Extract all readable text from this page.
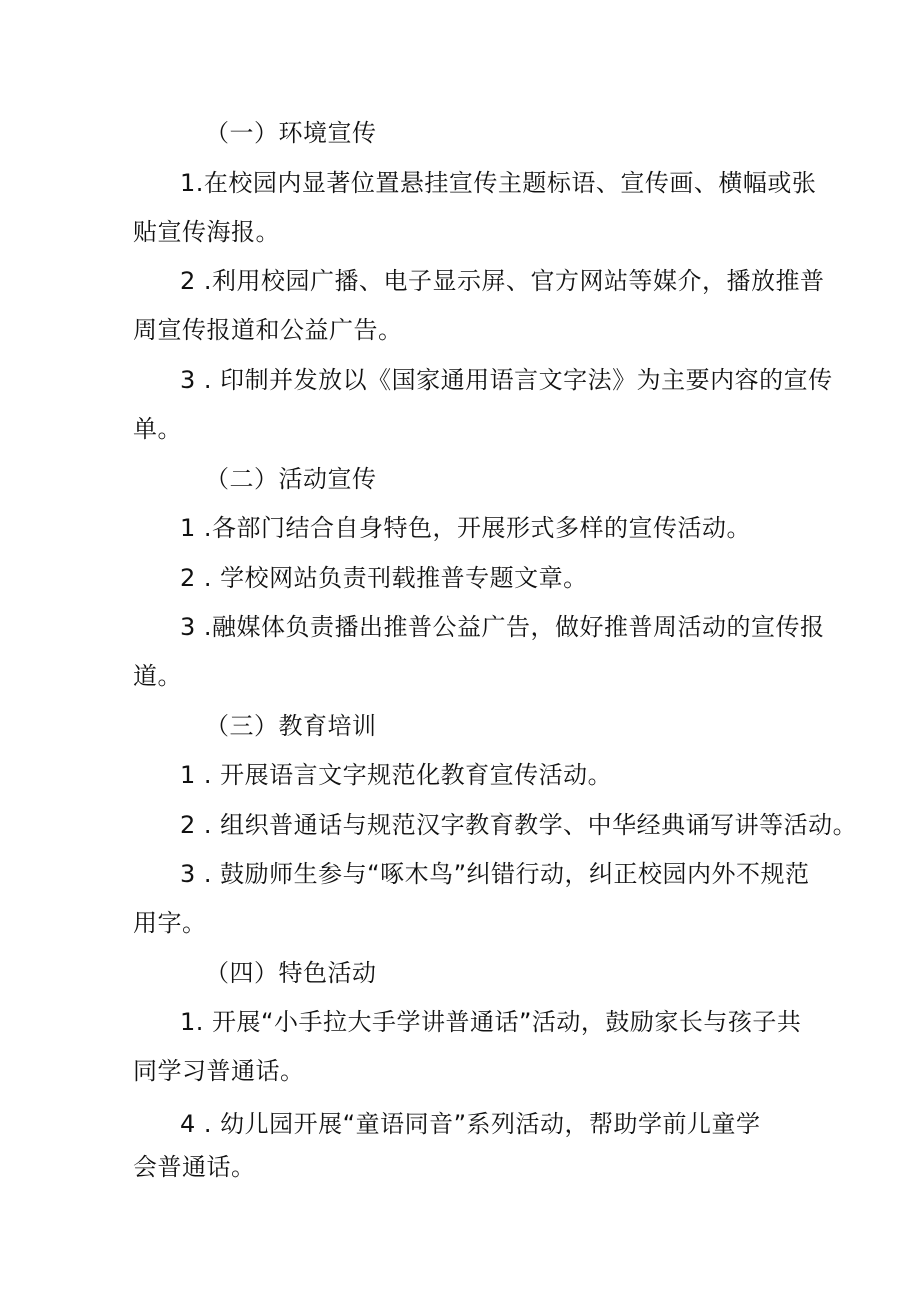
（一）环境宣传
1.在校园内显著位置悬挂宣传主题标语、宣传画、横幅或张
贴宣传海报。
2 .利用校园广播、电子显示屏、官方网站等媒介，播放推普
周宣传报道和公益广告。
3 . 印制并发放以《国家通用语言文字法》为主要内容的宣传
单。
（二）活动宣传
1 .各部门结合自身特色，开展形式多样的宣传活动。
2 . 学校网站负责刊载推普专题文章。
3 .融媒体负责播出推普公益广告，做好推普周活动的宣传报
道。
（三）教育培训
1 . 开展语言文字规范化教育宣传活动。
2 . 组织普通话与规范汉字教育教学、中华经典诵写讲等活动。
3 . 鼓励师生参与“啄木鸟”纠错行动，纠正校园内外不规范
用字。
（四）特色活动
1. 开展“小手拉大手学讲普通话”活动，鼓励家长与孩子共
同学习普通话。
4 . 幼儿园开展“童语同音”系列活动，帮助学前儿童学
会普通话。
